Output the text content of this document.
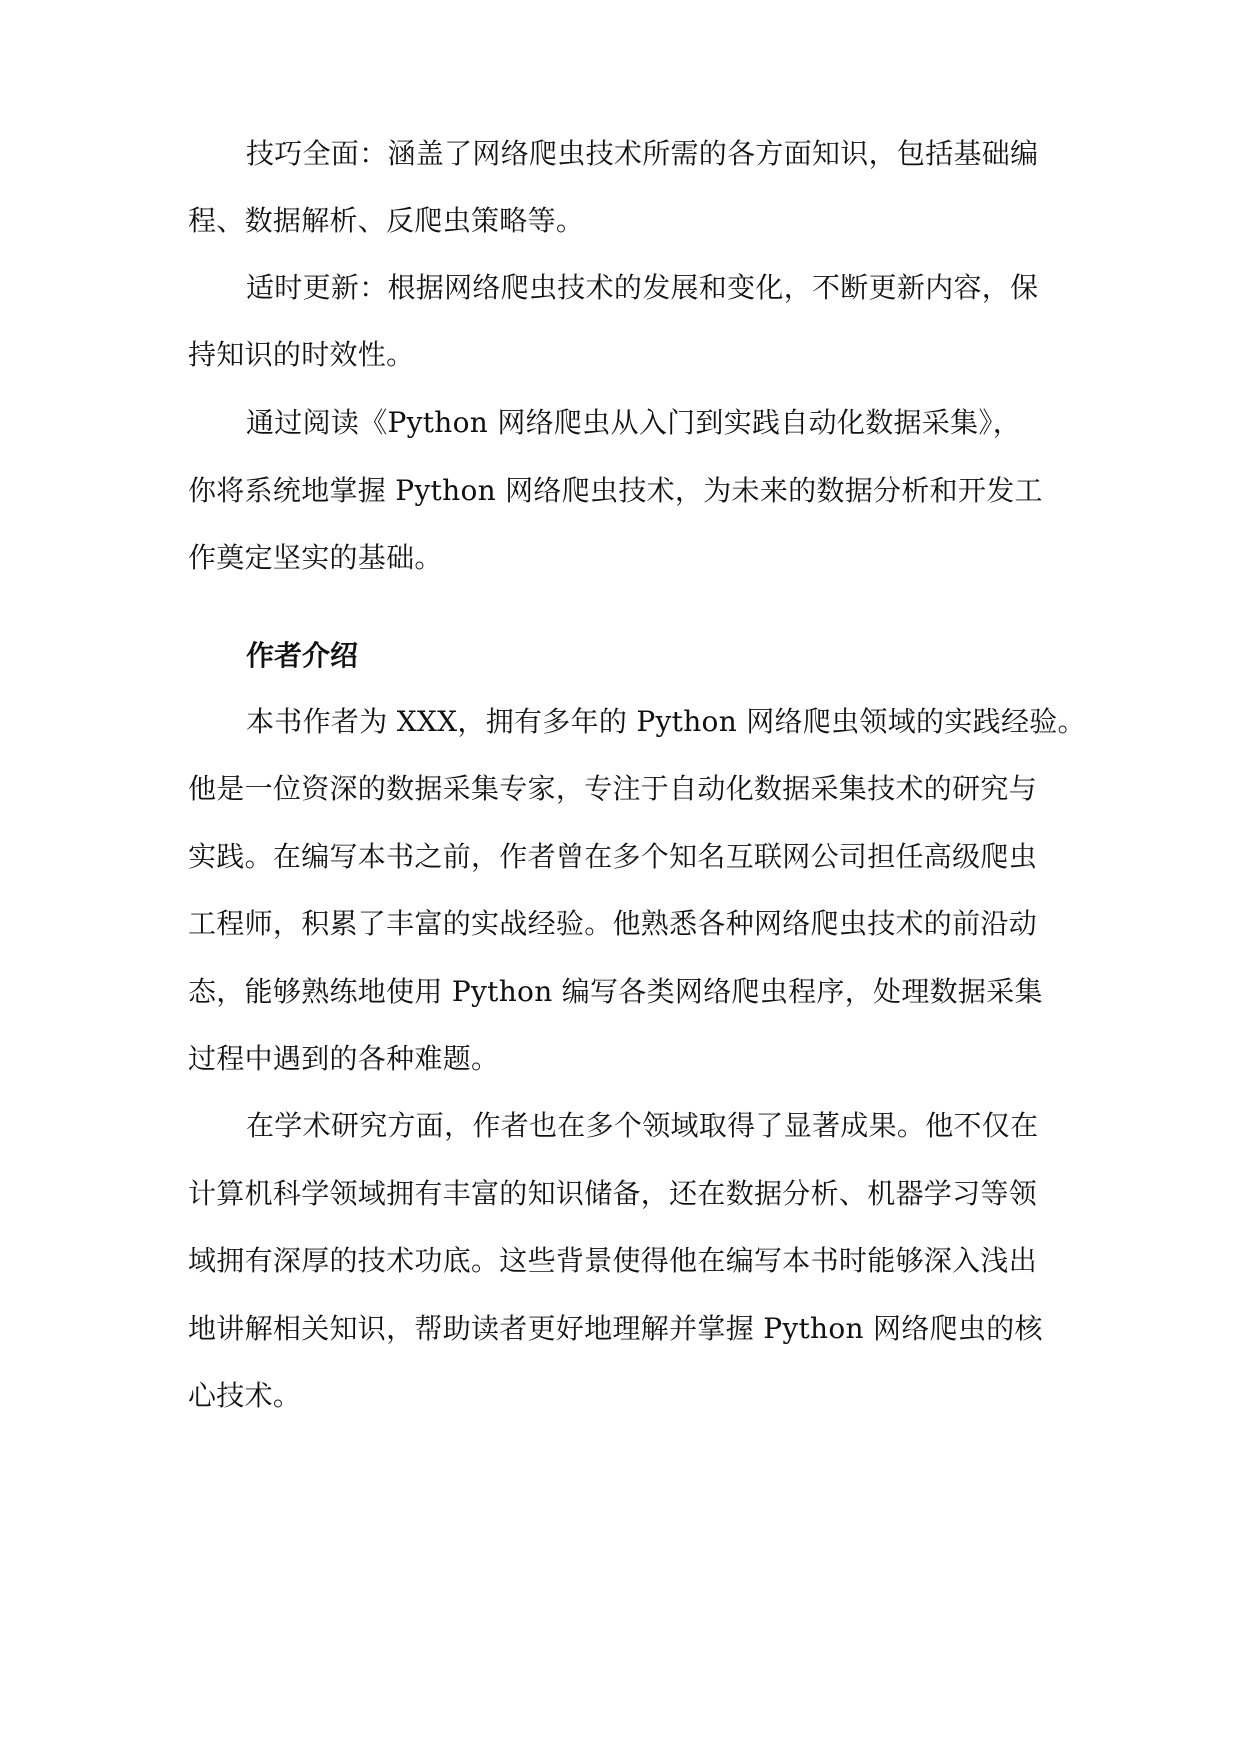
技巧全面：涵盖了网络爬虫技术所需的各方面知识，包括基础编
程、数据解析、反爬虫策略等。
适时更新：根据网络爬虫技术的发展和变化，不断更新内容，保
持知识的时效性。
通过阅读《Python 网络爬虫从入门到实践自动化数据采集》，
你将系统地掌握 Python 网络爬虫技术，为未来的数据分析和开发工
作奠定坚实的基础。
作者介绍
本书作者为 XXX，拥有多年的 Python 网络爬虫领域的实践经验。
他是一位资深的数据采集专家，专注于自动化数据采集技术的研究与
实践。在编写本书之前，作者曾在多个知名互联网公司担任高级爬虫
工程师，积累了丰富的实战经验。他熟悉各种网络爬虫技术的前沿动
态，能够熟练地使用 Python 编写各类网络爬虫程序，处理数据采集
过程中遇到的各种难题。
在学术研究方面，作者也在多个领域取得了显著成果。他不仅在
计算机科学领域拥有丰富的知识储备，还在数据分析、机器学习等领
域拥有深厚的技术功底。这些背景使得他在编写本书时能够深入浅出
地讲解相关知识，帮助读者更好地理解并掌握 Python 网络爬虫的核
心技术。
